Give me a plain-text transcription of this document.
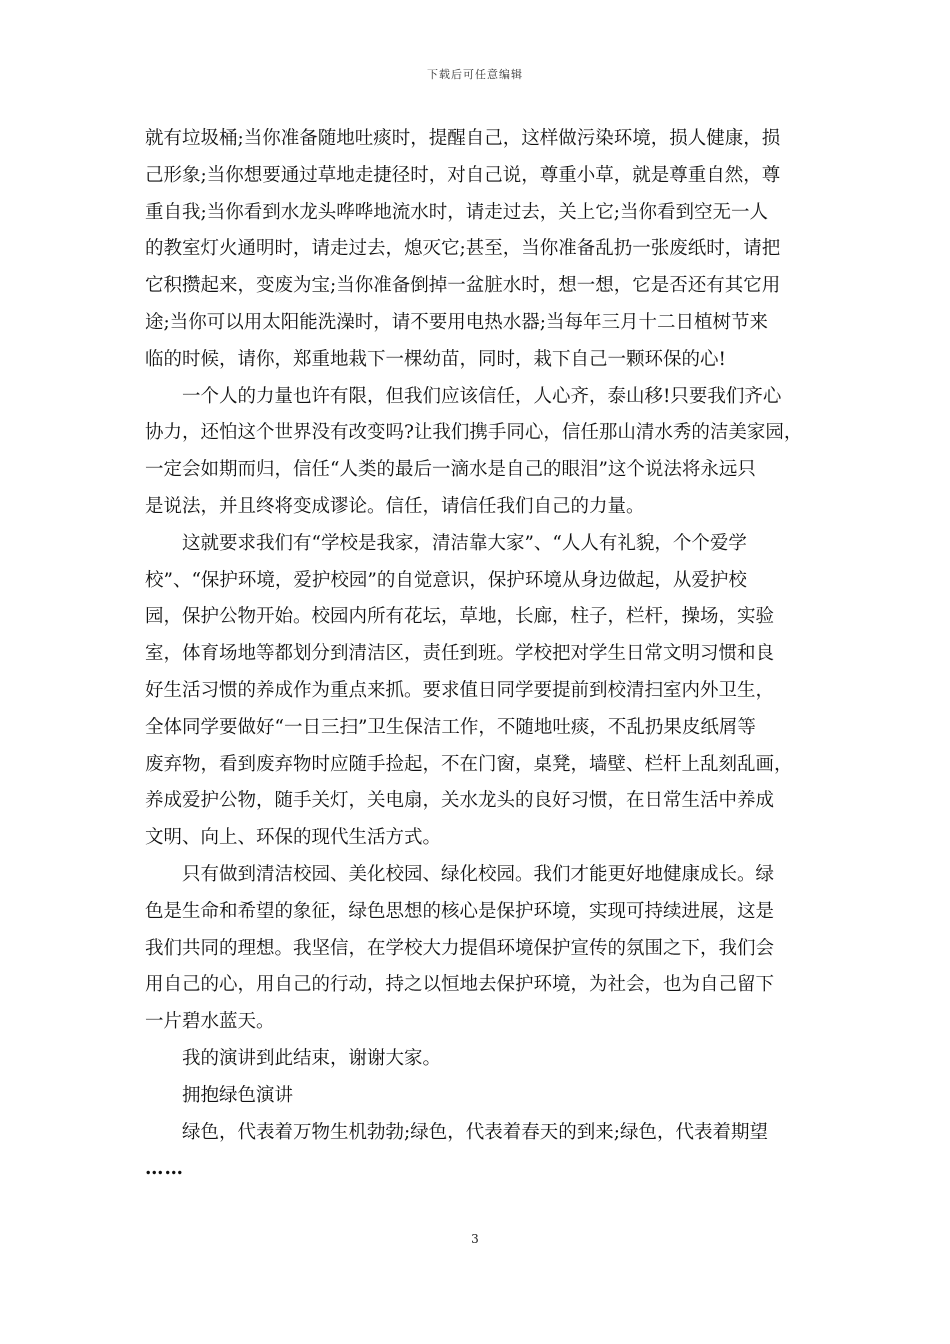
下载后可任意编辑
就有垃圾桶;当你准备随地吐痰时，提醒自己，这样做污染环境，损人健康，损
己形象;当你想要通过草地走捷径时，对自己说，尊重小草，就是尊重自然，尊
重自我;当你看到水龙头哗哗地流水时，请走过去，关上它;当你看到空无一人
的教室灯火通明时，请走过去，熄灭它;甚至，当你准备乱扔一张废纸时，请把
它积攒起来，变废为宝;当你准备倒掉一盆脏水时，想一想，它是否还有其它用
途;当你可以用太阳能洗澡时，请不要用电热水器;当每年三月十二日植树节来
临的时候，请你，郑重地栽下一棵幼苗，同时，栽下自己一颗环保的心!
一个人的力量也许有限，但我们应该信任，人心齐，泰山移!只要我们齐心
协力，还怕这个世界没有改变吗?让我们携手同心，信任那山清水秀的洁美家园，
一定会如期而归，信任“人类的最后一滴水是自己的眼泪”这个说法将永远只
是说法，并且终将变成谬论。信任，请信任我们自己的力量。
这就要求我们有“学校是我家，清洁靠大家”、“人人有礼貌，个个爱学
校”、“保护环境，爱护校园”的自觉意识，保护环境从身边做起，从爱护校
园，保护公物开始。校园内所有花坛，草地，长廊，柱子，栏杆，操场，实验
室，体育场地等都划分到清洁区，责任到班。学校把对学生日常文明习惯和良
好生活习惯的养成作为重点来抓。要求值日同学要提前到校清扫室内外卫生，
全体同学要做好“一日三扫”卫生保洁工作，不随地吐痰，不乱扔果皮纸屑等
废弃物，看到废弃物时应随手捡起，不在门窗，桌凳，墙壁、栏杆上乱刻乱画，
养成爱护公物，随手关灯，关电扇，关水龙头的良好习惯，在日常生活中养成
文明、向上、环保的现代生活方式。
只有做到清洁校园、美化校园、绿化校园。我们才能更好地健康成长。绿
色是生命和希望的象征，绿色思想的核心是保护环境，实现可持续进展，这是
我们共同的理想。我坚信，在学校大力提倡环境保护宣传的氛围之下，我们会
用自己的心，用自己的行动，持之以恒地去保护环境，为社会，也为自己留下
一片碧水蓝天。
我的演讲到此结束，谢谢大家。
拥抱绿色演讲
绿色，代表着万物生机勃勃;绿色，代表着春天的到来;绿色，代表着期望
……
3
